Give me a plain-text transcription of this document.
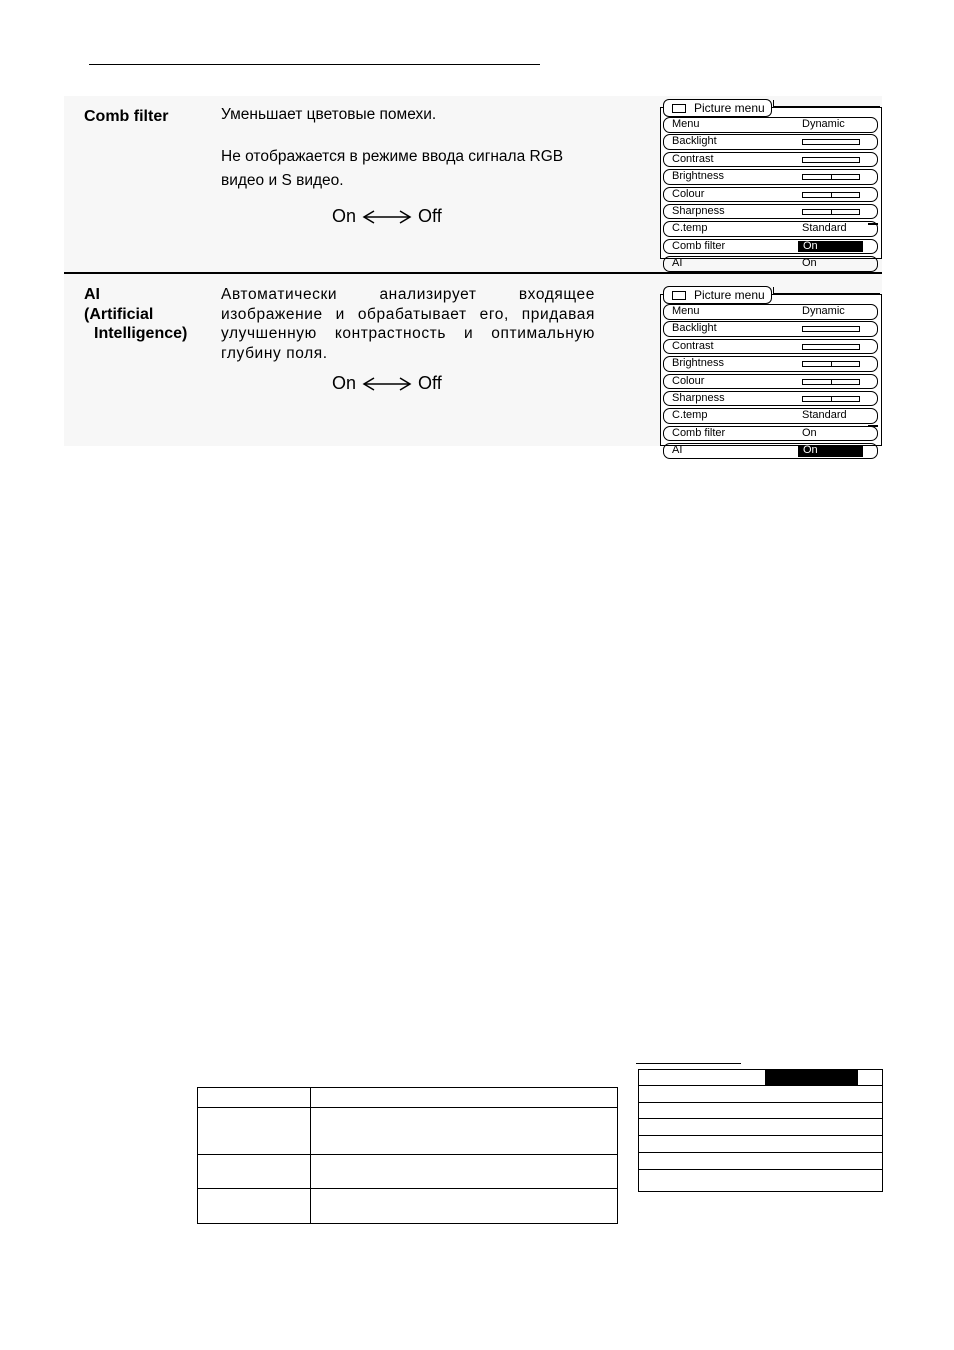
Comb filter	Уменьшает цветовые помехи.
Не отображается в режиме ввода сигнала RGB видео и S видео.
On	Off
Picture menu
Menu	Dynamic
Backlight
Contrast
Brightness
Colour
Sharpness
C.temp	Standard
Comb filter	On
AI	On
AI
(Artificial
Intelligence)
Автоматически анализирует входящее изображение и обрабатывает его, придавая улучшенную контрастность и оптимальную глубину поля.
On	Off
Picture menu
Menu	Dynamic
Backlight
Contrast
Brightness
Colour
Sharpness
C.temp	Standard
Comb filter	On
AI	On
